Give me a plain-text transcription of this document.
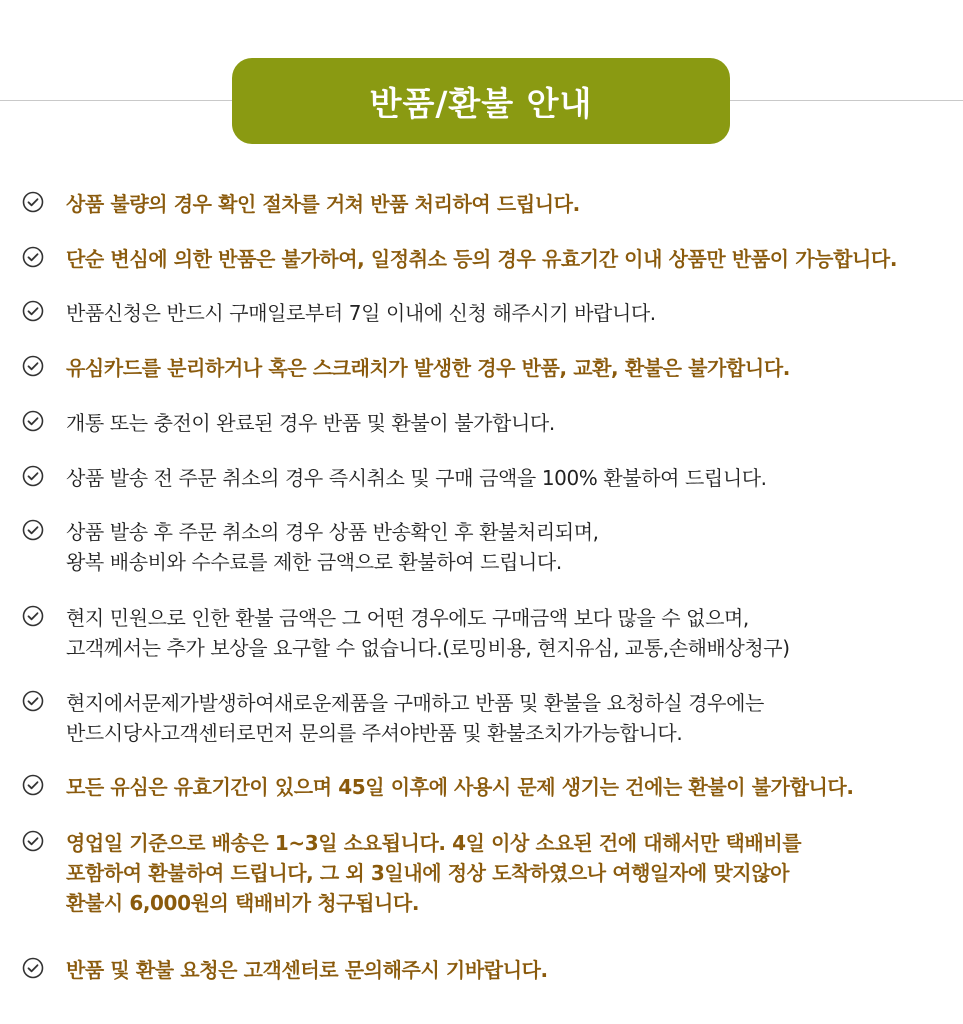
반품/환불 안내
상품 불량의 경우 확인 절차를 거쳐 반품 처리하여 드립니다.
단순 변심에 의한 반품은 불가하여, 일정취소 등의 경우 유효기간 이내 상품만 반품이 가능합니다.
반품신청은 반드시 구매일로부터 7일 이내에 신청 해주시기 바랍니다.
유심카드를 분리하거나 혹은 스크래치가 발생한 경우 반품, 교환, 환불은 불가합니다.
개통 또는 충전이 완료된 경우 반품 및 환불이 불가합니다.
상품 발송 전 주문 취소의 경우 즉시취소 및 구매 금액을 100% 환불하여 드립니다.
상품 발송 후 주문 취소의 경우 상품 반송확인 후 환불처리되며,
왕복 배송비와 수수료를 제한 금액으로 환불하여 드립니다.
현지 민원으로 인한 환불 금액은 그 어떤 경우에도 구매금액 보다 많을 수 없으며,
고객께서는 추가 보상을 요구할 수 없습니다.(로밍비용, 현지유심, 교통,손해배상청구)
현지에서문제가발생하여새로운제품을 구매하고 반품 및 환불을 요청하실 경우에는
반드시당사고객센터로먼저 문의를 주셔야반품 및 환불조치가가능합니다.
모든 유심은 유효기간이 있으며 45일 이후에 사용시 문제 생기는 건에는 환불이 불가합니다.
영업일 기준으로 배송은 1~3일 소요됩니다. 4일 이상 소요된 건에 대해서만 택배비를
포함하여 환불하여 드립니다, 그 외 3일내에 정상 도착하였으나 여행일자에 맞지않아
환불시 6,000원의 택배비가 청구됩니다.
반품 및 환불 요청은 고객센터로 문의해주시 기바랍니다.
